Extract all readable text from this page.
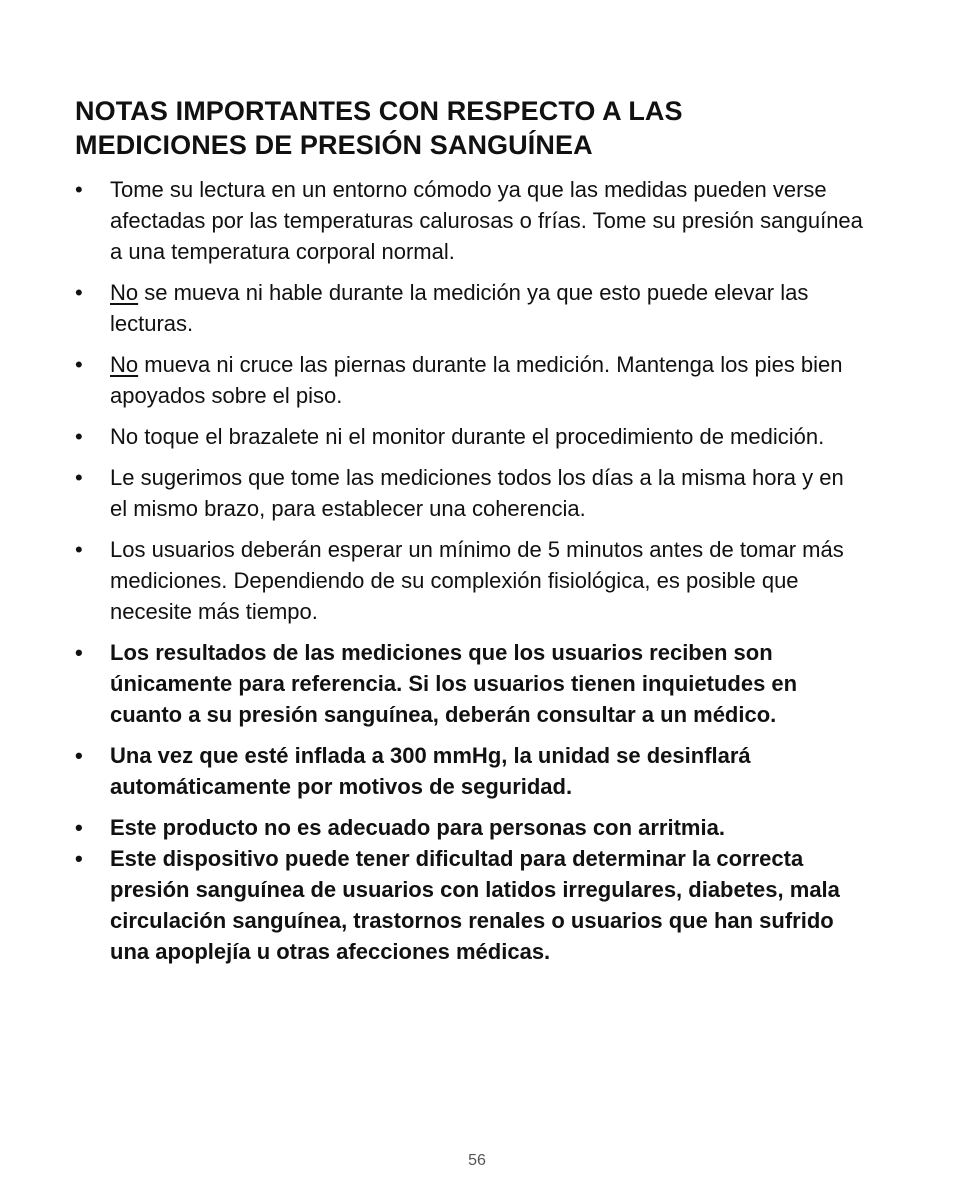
NOTAS IMPORTANTES CON RESPECTO A LAS
MEDICIONES DE PRESIÓN SANGUÍNEA
•	Tome su lectura en un entorno cómodo ya que las medidas pueden verse afectadas por las temperaturas calurosas o frías. Tome su presión sanguínea a una temperatura corporal normal.
•	No se mueva ni hable durante la medición ya que esto puede elevar las lecturas.
•	No mueva ni cruce las piernas durante la medición. Mantenga los pies bien apoyados sobre el piso.
•	No toque el brazalete ni el monitor durante el procedimiento de medición.
•	Le sugerimos que tome las mediciones todos los días a la misma hora y en el mismo brazo, para establecer una coherencia.
•	Los usuarios deberán esperar un mínimo de 5 minutos antes de tomar más mediciones. Dependiendo de su complexión fisiológica, es posible que necesite más tiempo.
•	Los resultados de las mediciones que los usuarios reciben son únicamente para referencia. Si los usuarios tienen inquietudes en cuanto a su presión sanguínea, deberán consultar a un médico.
•	Una vez que esté inflada a 300 mmHg, la unidad se desinflará automáticamente por motivos de seguridad.
•	Este producto no es adecuado para personas con arritmia.
•	Este dispositivo puede tener dificultad para determinar la correcta presión sanguínea de usuarios con latidos irregulares, diabetes, mala circulación sanguínea, trastornos renales o usuarios que han sufrido una apoplejía u otras afecciones médicas.
56
